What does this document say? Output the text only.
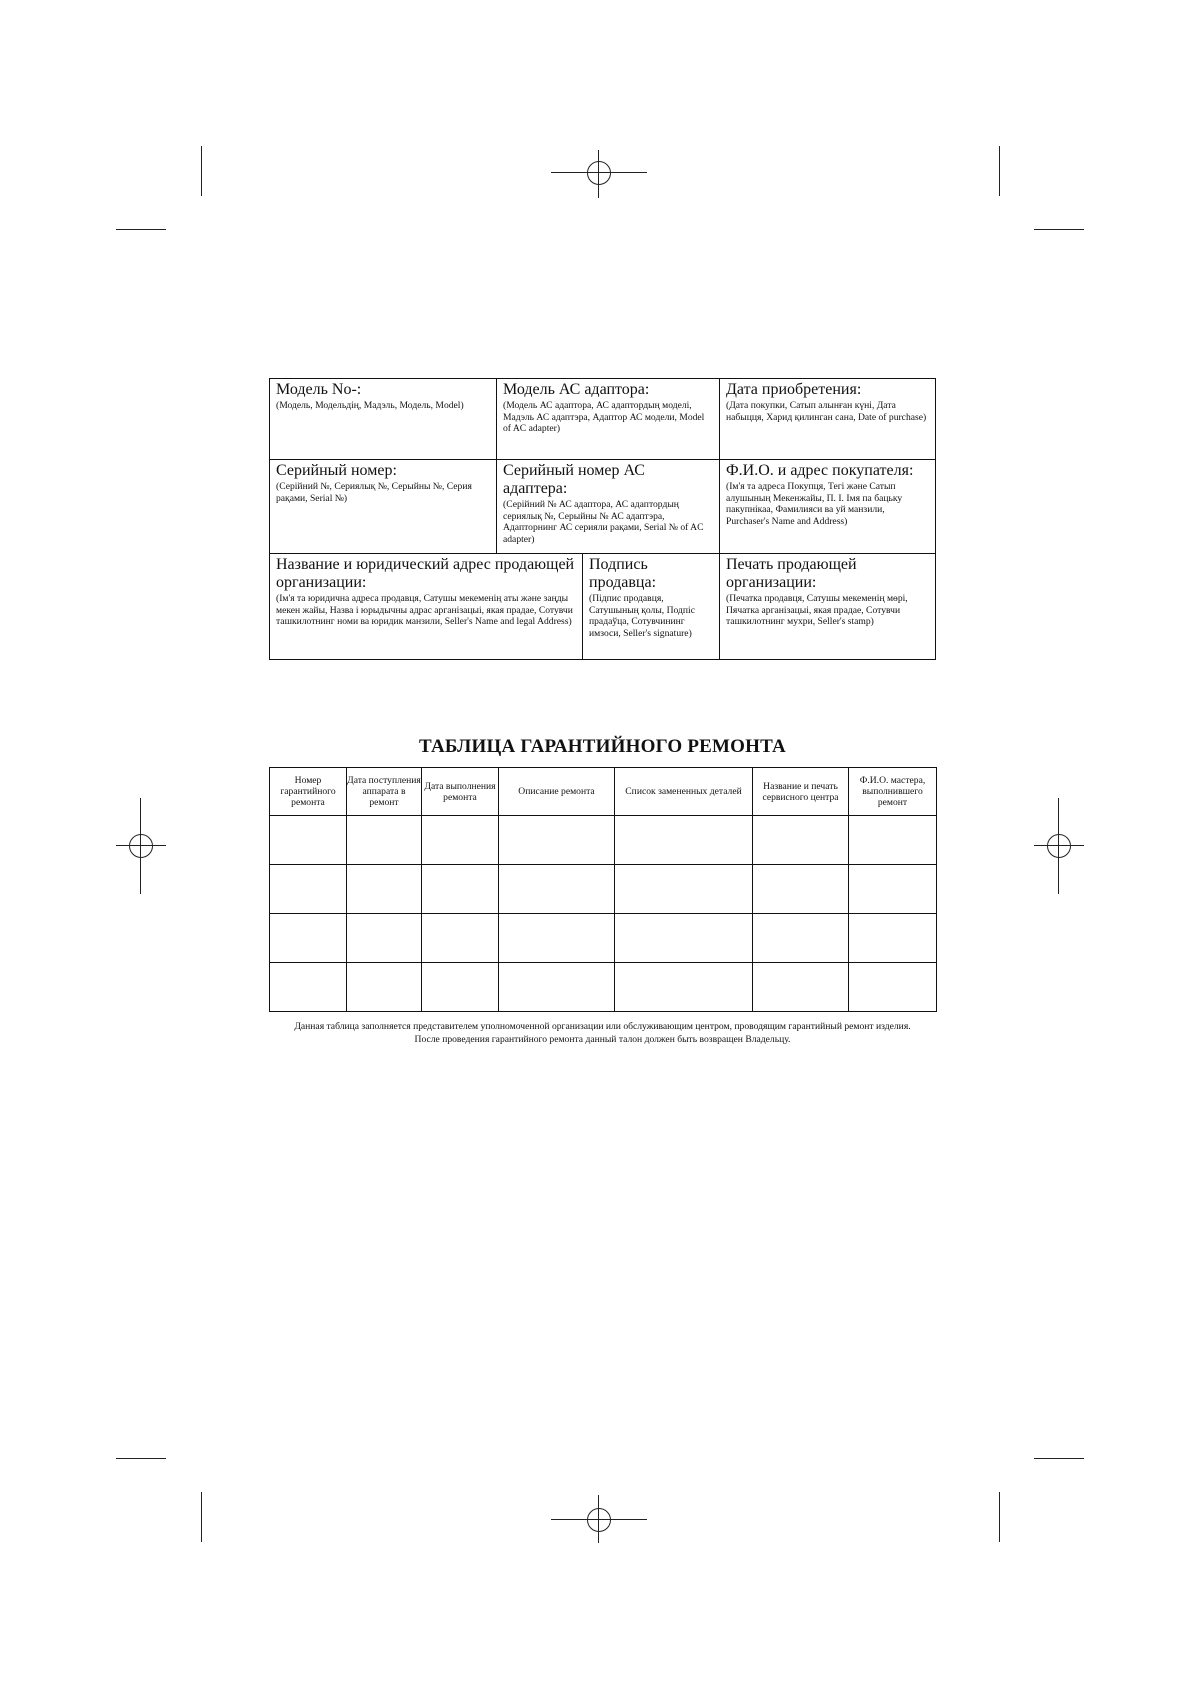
Модель No-:
(Модель, Модельдің, Мадэль, Модель, Model)
Модель АС адаптора:
(Модель АС адаптора, АС адаптордың моделі, Мадэль АС адаптэра, Адаптор АС модели, Model of AC adapter)
Дата приобретения:
(Дата покупки, Сатып алынған күні, Дата набыцця, Харид қилинган сана, Date of purchase)
Серийный номер:
(Серійний №, Сериялық №, Серыйны №, Серия рақами, Serial №)
Серийный номер АС адаптера:
(Серійний № АС адаптора, АС адаптордың сериялық №, Серыйны № АС адаптэра, Адапторнинг АС серияли рақами, Serial № of AC adapter)
Ф.И.О. и адрес покупателя:
(Ім'я та адреса Покупця, Тегі және Сатып алушының Мекенжайы, П. І. Імя па бацьку пакупнікаа, Фамилияси ва уй манзили, Purchaser's Name and Address)
Название и юридический адрес продающей организации:
(Ім'я та юридична адреса продавця, Сатушы мекеменің аты және заңды мекен жайы, Назва і юрыдычны адрас арганізацыі, якая прадае, Сотувчи ташкилотнинг номи ва юридик манзили, Seller's Name and legal Address)
Подпись продавца:
(Підпис продавця, Сатушының қолы, Подпіс прадаўца, Сотувчининг имзоси, Seller's signature)
Печать продающей организации:
(Печатка продавця, Сатушы мекеменің мөрі, Пячатка арганізацыі, якая прадае, Сотувчи ташкилотнинг мухри, Seller's stamp)
ТАБЛИЦА ГАРАНТИЙНОГО РЕМОНТА
Номер гарантийного ремонта	Дата поступления аппарата в ремонт	Дата выполнения ремонта	Описание ремонта	Список замененных деталей	Название и печать сервисного центра	Ф.И.О. мастера, выполнившего ремонт

Данная таблица заполняется представителем уполномоченной организации или обслуживающим центром, проводящим гарантийный ремонт изделия.
После проведения гарантийного ремонта данный талон должен быть возвращен Владельцу.
